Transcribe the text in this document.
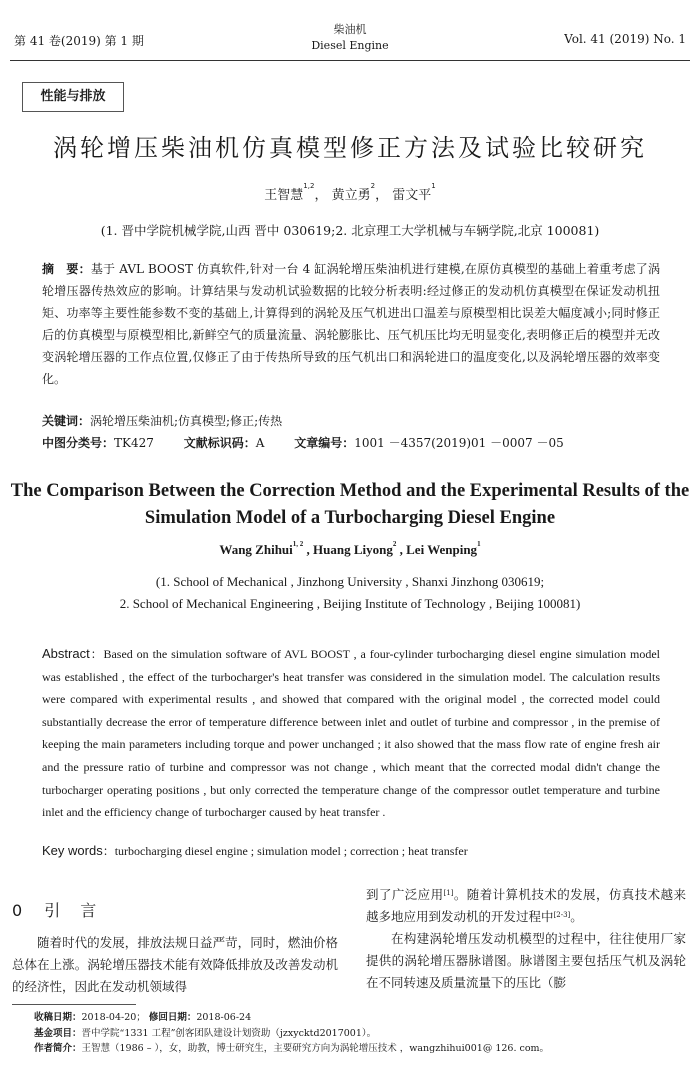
第 41 卷(2019) 第 1 期
柴油机
Diesel Engine	Vol. 41 (2019) No. 1
性能与排放
涡轮增压柴油机仿真模型修正方法及试验比较研究
王智慧$^{1,2}$， 黄立勇$^2$， 雷文平$^1$
(1. 晋中学院机械学院,山西 晋中 030619;2. 北京理工大学机械与车辆学院,北京 100081)
摘　要：基于 AVL BOOST 仿真软件,针对一台 4 缸涡轮增压柴油机进行建模,在原仿真模型的基础上着重考虑了涡轮增压器传热效应的影响。计算结果与发动机试验数据的比较分析表明:经过修正的发动机仿真模型在保证发动机扭矩、功率等主要性能参数不变的基础上,计算得到的涡轮及压气机进出口温差与原模型相比误差大幅度减小;同时修正后的仿真模型与原模型相比,新鲜空气的质量流量、涡轮膨胀比、压气机压比均无明显变化,表明修正后的模型并无改变涡轮增压器的工作点位置,仅修正了由于传热所导致的压气机出口和涡轮进口的温度变化,以及涡轮增压器的效率变化。
关键词：涡轮增压柴油机;仿真模型;修正;传热
中图分类号：TK427 文献标识码：A 文章编号：1001 －4357(2019)01 －0007 －05
The Comparison Between the Correction Method and the Experimental Results of the Simulation Model of a Turbocharging Diesel Engine
Wang Zhihui$^{1, 2}$ , Huang Liyong$^2$ , Lei Wenping$^1$
(1. School of Mechanical , Jinzhong University , Shanxi Jinzhong 030619;
2. School of Mechanical Engineering , Beijing Institute of Technology , Beijing 100081)
Abstract：Based on the simulation software of AVL BOOST , a four-cylinder turbocharging diesel engine simulation model was established , the effect of the turbocharger's heat transfer was considered in the simulation model. The calculation results were compared with experimental results , and showed that compared with the original model , the corrected model could substantially decrease the error of temperature difference between inlet and outlet of turbine and compressor , in the premise of keeping the main parameters including torque and power unchanged ; it also showed that the mass flow rate of engine fresh air and the pressure ratio of turbine and compressor was not change , which meant that the corrected modal didn't change the turbocharger operating positions , but only corrected the temperature change of the compressor outlet temperature and turbine inlet and the efficiency change of turbocharger caused by heat transfer .
Key words：turbocharging diesel engine ; simulation model ; correction ; heat transfer
0 引　言
随着时代的发展，排放法规日益严苛，同时，燃油价格总体在上涨。涡轮增压器技术能有效降低排放及改善发动机的经济性，因此在发动机领域得

到了广泛应用[1]。随着计算机技术的发展，仿真技术越来越多地应用到发动机的开发过程中[2-3]。

在构建涡轮增压发动机模型的过程中，往往使用厂家提供的涡轮增压器脉谱图。脉谱图主要包括压气机及涡轮在不同转速及质量流量下的压比（膨

收稿日期：2018-04-20； 修回日期：2018-06-24
基金项目：晋中学院“1331 工程”创客团队建设计划资助（jzxycktd2017001）。
作者简介：王智慧（1986 – ），女，助教，博士研究生，主要研究方向为涡轮增压技术 ，wangzhihui001@ 126. com。
